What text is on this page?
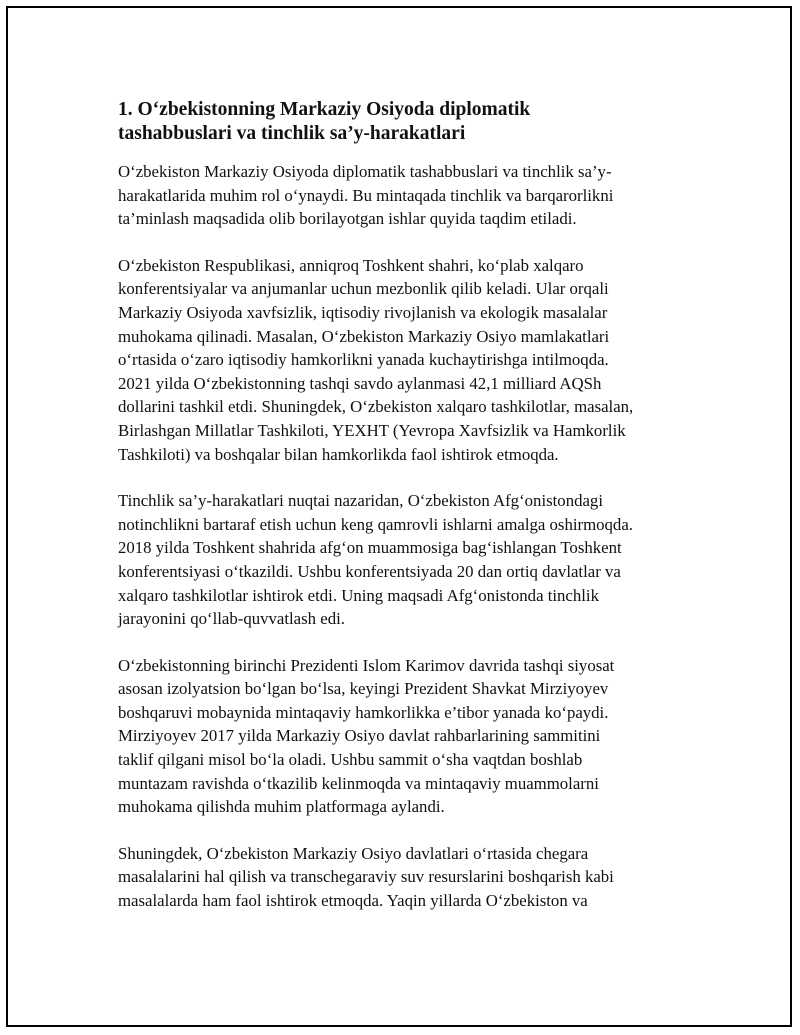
1. O‘zbekistonning Markaziy Osiyoda diplomatik
tashabbuslari va tinchlik sa’y-harakatlari

O‘zbekiston Markaziy Osiyoda diplomatik tashabbuslari va tinchlik sa’y-
harakatlarida muhim rol o‘ynaydi. Bu mintaqada tinchlik va barqarorlikni
ta’minlash maqsadida olib borilayotgan ishlar quyida taqdim etiladi.

O‘zbekiston Respublikasi, anniqroq Toshkent shahri, ko‘plab xalqaro
konferentsiyalar va anjumanlar uchun mezbonlik qilib keladi. Ular orqali
Markaziy Osiyoda xavfsizlik, iqtisodiy rivojlanish va ekologik masalalar
muhokama qilinadi. Masalan, O‘zbekiston Markaziy Osiyo mamlakatlari
o‘rtasida o‘zaro iqtisodiy hamkorlikni yanada kuchaytirishga intilmoqda.
2021 yilda O‘zbekistonning tashqi savdo aylanmasi 42,1 milliard AQSh
dollarini tashkil etdi. Shuningdek, O‘zbekiston xalqaro tashkilotlar, masalan,
Birlashgan Millatlar Tashkiloti, YEXHT (Yevropa Xavfsizlik va Hamkorlik
Tashkiloti) va boshqalar bilan hamkorlikda faol ishtirok etmoqda.

Tinchlik sa’y-harakatlari nuqtai nazaridan, O‘zbekiston Afg‘onistondagi
notinchlikni bartaraf etish uchun keng qamrovli ishlarni amalga oshirmoqda.
2018 yilda Toshkent shahrida afg‘on muammosiga bag‘ishlangan Toshkent
konferentsiyasi o‘tkazildi. Ushbu konferentsiyada 20 dan ortiq davlatlar va
xalqaro tashkilotlar ishtirok etdi. Uning maqsadi Afg‘onistonda tinchlik
jarayonini qo‘llab-quvvatlash edi.

O‘zbekistonning birinchi Prezidenti Islom Karimov davrida tashqi siyosat
asosan izolyatsion bo‘lgan bo‘lsa, keyingi Prezident Shavkat Mirziyoyev
boshqaruvi mobaynida mintaqaviy hamkorlikka e’tibor yanada ko‘paydi.
Mirziyoyev 2017 yilda Markaziy Osiyo davlat rahbarlarining sammitini
taklif qilgani misol bo‘la oladi. Ushbu sammit o‘sha vaqtdan boshlab
muntazam ravishda o‘tkazilib kelinmoqda va mintaqaviy muammolarni
muhokama qilishda muhim platformaga aylandi.

Shuningdek, O‘zbekiston Markaziy Osiyo davlatlari o‘rtasida chegara
masalalarini hal qilish va transchegaraviy suv resurslarini boshqarish kabi
masalalarda ham faol ishtirok etmoqda. Yaqin yillarda O‘zbekiston va
